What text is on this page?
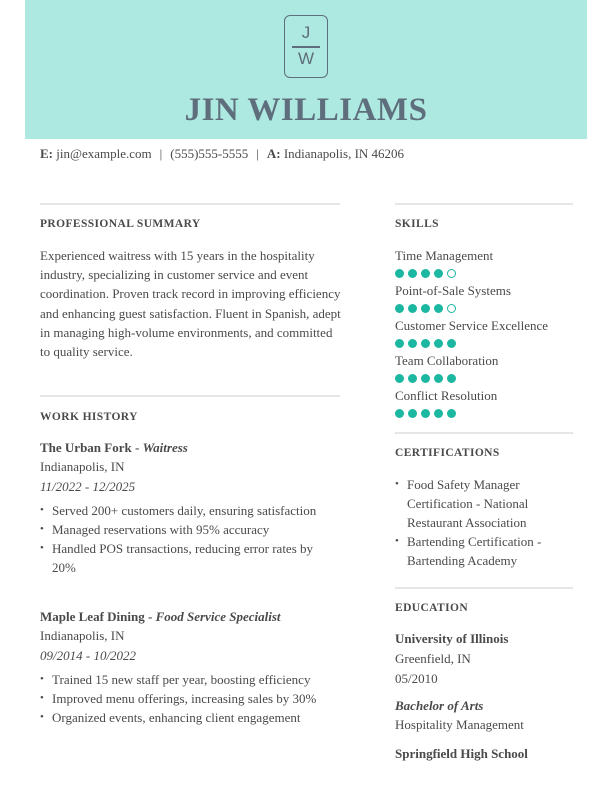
J
W
JIN WILLIAMS
E: jin@example.com | (555)555-5555 | A: Indianapolis, IN 46206
PROFESSIONAL SUMMARY
Experienced waitress with 15 years in the hospitality industry, specializing in customer service and event coordination. Proven track record in improving efficiency and enhancing guest satisfaction. Fluent in Spanish, adept in managing high-volume environments, and committed to quality service.
WORK HISTORY
The Urban Fork - Waitress
Indianapolis, IN
11/2022 - 12/2025
• Served 200+ customers daily, ensuring satisfaction
• Managed reservations with 95% accuracy
• Handled POS transactions, reducing error rates by 20%
Maple Leaf Dining - Food Service Specialist
Indianapolis, IN
09/2014 - 10/2022
• Trained 15 new staff per year, boosting efficiency
• Improved menu offerings, increasing sales by 30%
• Organized events, enhancing client engagement
SKILLS
Time Management
Point-of-Sale Systems
Customer Service Excellence
Team Collaboration
Conflict Resolution
CERTIFICATIONS
• Food Safety Manager Certification - National Restaurant Association
• Bartending Certification - Bartending Academy
EDUCATION
University of Illinois
Greenfield, IN
05/2010
Bachelor of Arts
Hospitality Management
Springfield High School
